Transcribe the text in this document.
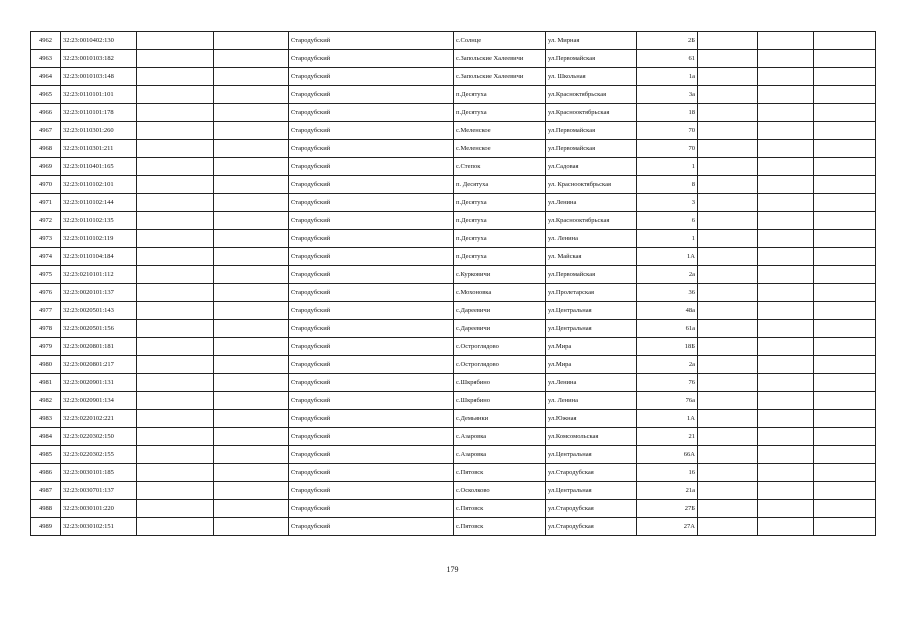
4962	32:23:0010402:130			Стародубский	с.Солнце	ул. Мирная	2Б			
4963	32:23:0010103:182			Стародубский	с.Запольские Халеевичи	ул.Первомайская	61			
4964	32:23:0010103:148			Стародубский	с.Запольские Халеевичи	ул. Школьная	1а			
4965	32:23:0110101:101			Стародубский	п.Десятуха	ул.Красноктябрьская	3а			
4966	32:23:0110101:178			Стародубский	п.Десятуха	ул.Краснооктябрьская	18			
4967	32:23:0110301:260			Стародубский	с.Меленское	ул.Первомайская	70			
4968	32:23:0110301:211			Стародубский	с.Меленское	ул.Первомайская	70			
4969	32:23:0110401:165			Стародубский	с.Степок	ул.Садовая	1			
4970	32:23:0110102:101			Стародубский	п. Десятуха	ул. Краснооктябрьская	8			
4971	32:23:0110102:144			Стародубский	п.Десятуха	ул.Ленина	3			
4972	32:23:0110102:135			Стародубский	п.Десятуха	ул.Краснооктябрьская	6			
4973	32:23:0110102:119			Стародубский	п.Десятуха	ул. Ленина	1			
4974	32:23:0110104:184			Стародубский	п.Десятуха	ул. Майская	1А			
4975	32:23:0210101:112			Стародубский	с.Курковичи	ул.Первомайская	2а			
4976	32:23:0020101:137			Стародубский	с.Мохоновка	ул.Пролетарская	36			
4977	32:23:0020501:143			Стародубский	с.Дареевичи	ул.Центральная	48а			
4978	32:23:0020501:156			Стародубский	с.Дареевичи	ул.Центральная	61а			
4979	32:23:0020801:181			Стародубский	с.Остроглядово	ул.Мира	18Б			
4980	32:23:0020801:217			Стародубский	с.Остроглядово	ул.Мира	2а			
4981	32:23:0020901:131			Стародубский	с.Шкрябино	ул.Ленина	76			
4982	32:23:0020901:134			Стародубский	с.Шкрябино	ул. Ленина	76а			
4983	32:23:0220102:221			Стародубский	с.Демьянки	ул.Южная	1А			
4984	32:23:0220302:150			Стародубский	с.Азаровка	ул.Комсомольская	21			
4985	32:23:0220302:155			Стародубский	с.Азаровка	ул.Центральная	66А			
4986	32:23:0030101:185			Стародубский	с.Пятовск	ул.Стародубская	16			
4987	32:23:0030701:137			Стародубский	с.Осколково	ул.Центральная	21а			
4988	32:23:0030101:220			Стародубский	с.Пятовск	ул.Стародубская	27Б			
4989	32:23:0030102:151			Стародубский	с.Пятовск	ул.Стародубская	27А			
179
